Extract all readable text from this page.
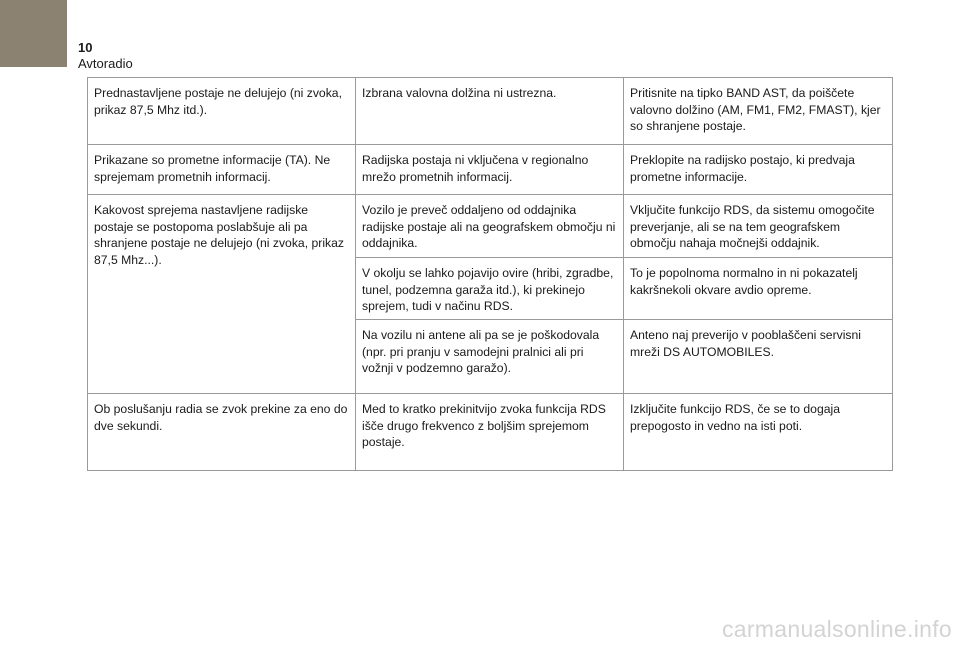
10
Avtoradio
Prednastavljene postaje ne delujejo (ni zvoka, prikaz 87,5 Mhz itd.).	Izbrana valovna dolžina ni ustrezna.	Pritisnite na tipko BAND AST, da poiščete valovno dolžino (AM, FM1, FM2, FMAST), kjer so shranjene postaje.
Prikazane so prometne informacije (TA). Ne sprejemam prometnih informacij.	Radijska postaja ni vključena v regionalno mrežo prometnih informacij.	Preklopite na radijsko postajo, ki predvaja prometne informacije.
Kakovost sprejema nastavljene radijske postaje se postopoma poslabšuje ali pa shranjene postaje ne delujejo (ni zvoka, prikaz 87,5 Mhz...).	Vozilo je preveč oddaljeno od oddajnika radijske postaje ali na geografskem območju ni oddajnika.	Vključite funkcijo RDS, da sistemu omogočite preverjanje, ali se na tem geografskem območju nahaja močnejši oddajnik.
	V okolju se lahko pojavijo ovire (hribi, zgradbe, tunel, podzemna garaža itd.), ki prekinejo sprejem, tudi v načinu RDS.	To je popolnoma normalno in ni pokazatelj kakršnekoli okvare avdio opreme.
	Na vozilu ni antene ali pa se je poškodovala (npr. pri pranju v samodejni pralnici ali pri vožnji v podzemno garažo).	Anteno naj preverijo v pooblaščeni servisni mreži DS AUTOMOBILES.
Ob poslušanju radia se zvok prekine za eno do dve sekundi.	Med to kratko prekinitvijo zvoka funkcija RDS išče drugo frekvenco z boljšim sprejemom postaje.	Izključite funkcijo RDS, če se to dogaja prepogosto in vedno na isti poti.
carmanualsonline.info
